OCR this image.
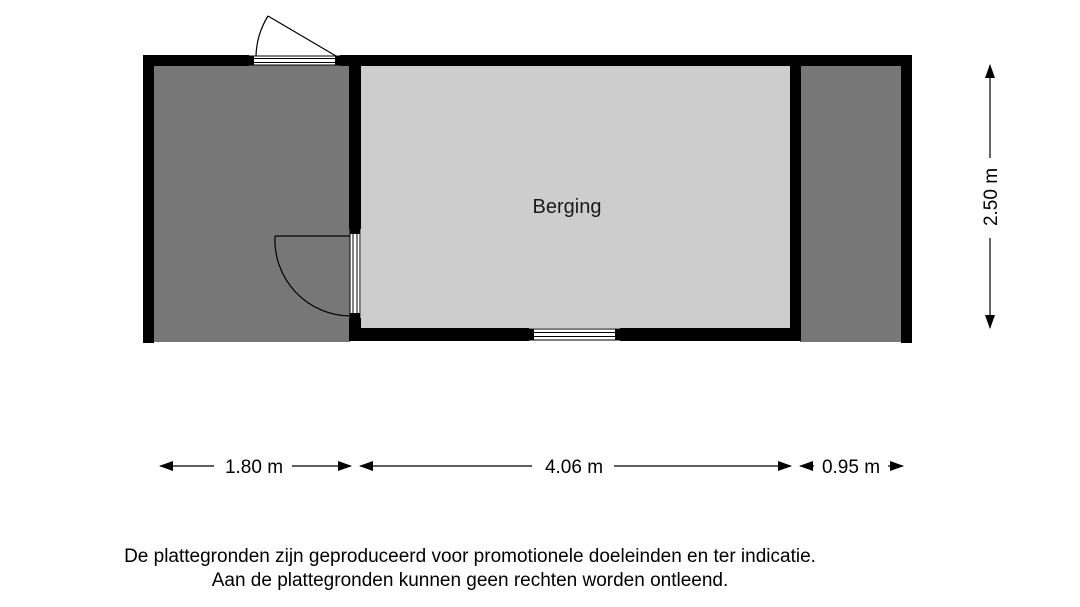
Berging
1.80 m	4.06 m	0.95 m
2.50 m
De plattegronden zijn geproduceerd voor promotionele doeleinden en ter indicatie.
Aan de plattegronden kunnen geen rechten worden ontleend.
